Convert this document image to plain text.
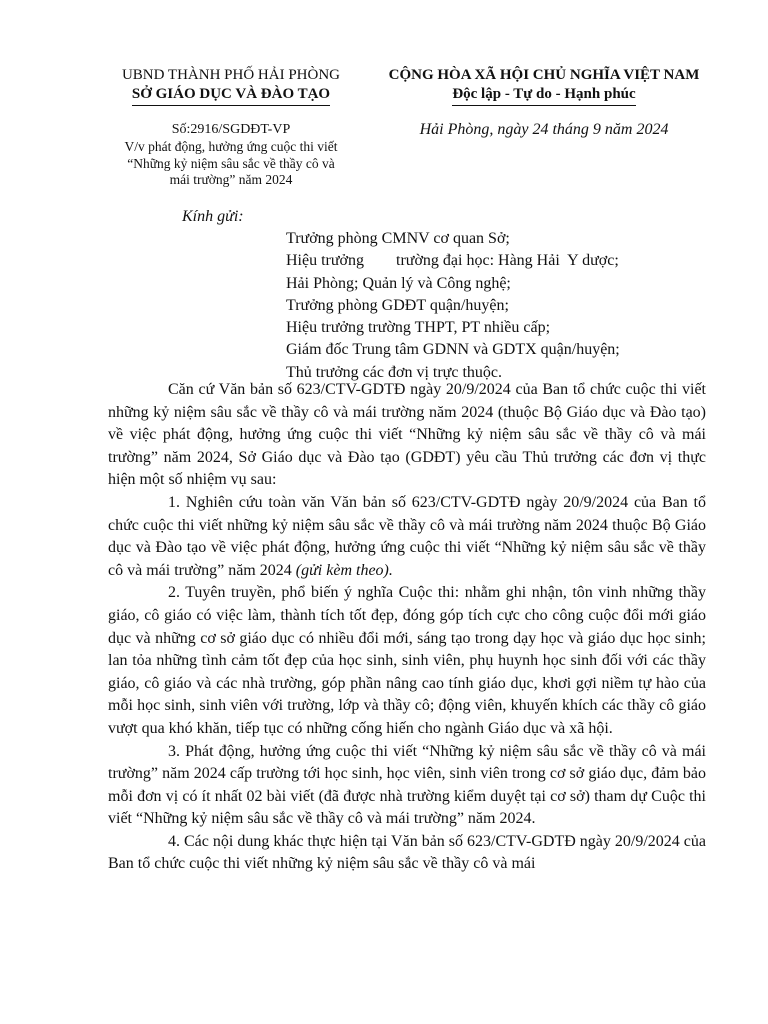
UBND THÀNH PHỐ HẢI PHÒNG
SỞ GIÁO DỤC VÀ ĐÀO TẠO
CỘNG HÒA XÃ HỘI CHỦ NGHĨA VIỆT NAM
Độc lập - Tự do - Hạnh phúc
Số:2916/SGDĐT-VP
V/v phát động, hưởng ứng cuộc thi viết
“Những kỷ niệm sâu sắc về thầy cô và
mái trường” năm 2024
Hải Phòng, ngày 24 tháng 9 năm 2024
Kính gửi:
Trưởng phòng CMNV cơ quan Sở;
Hiệu trưởng        trường đại học: Hàng Hải  Y dược;
Hải Phòng; Quản lý và Công nghệ;
Trưởng phòng GDĐT quận/huyện;
Hiệu trưởng trường THPT, PT nhiều cấp;
Giám đốc Trung tâm GDNN và GDTX quận/huyện;
Thủ trưởng các đơn vị trực thuộc.

Căn cứ Văn bản số 623/CTV-GDTĐ ngày 20/9/2024 của Ban tổ chức cuộc thi viết những kỷ niệm sâu sắc về thầy cô và mái trường năm 2024 (thuộc Bộ Giáo dục và Đào tạo) về việc phát động, hưởng ứng cuộc thi viết “Những kỷ niệm sâu sắc về thầy cô và mái trường” năm 2024, Sở Giáo dục và Đào tạo (GDĐT) yêu cầu Thủ trưởng các đơn vị thực hiện một số nhiệm vụ sau:

1. Nghiên cứu toàn văn Văn bản số 623/CTV-GDTĐ ngày 20/9/2024 của Ban tổ chức cuộc thi viết những kỷ niệm sâu sắc về thầy cô và mái trường năm 2024 thuộc Bộ Giáo dục và Đào tạo về việc phát động, hưởng ứng cuộc thi viết “Những kỷ niệm sâu sắc về thầy cô và mái trường” năm 2024 (gửi kèm theo).

2. Tuyên truyền, phổ biến ý nghĩa Cuộc thi: nhằm ghi nhận, tôn vinh những thầy giáo, cô giáo có việc làm, thành tích tốt đẹp, đóng góp tích cực cho công cuộc đổi mới giáo dục và những cơ sở giáo dục có nhiều đổi mới, sáng tạo trong dạy học và giáo dục học sinh; lan tỏa những tình cảm tốt đẹp của học sinh, sinh viên, phụ huynh học sinh đối với các thầy giáo, cô giáo và các nhà trường, góp phần nâng cao tính giáo dục, khơi gợi niềm tự hào của mỗi học sinh, sinh viên với trường, lớp và thầy cô; động viên, khuyến khích các thầy cô giáo vượt qua khó khăn, tiếp tục có những cống hiến cho ngành Giáo dục và xã hội.

3. Phát động, hưởng ứng cuộc thi viết “Những kỷ niệm sâu sắc về thầy cô và mái trường” năm 2024 cấp trường tới học sinh, học viên, sinh viên trong cơ sở giáo dục, đảm bảo mỗi đơn vị có ít nhất 02 bài viết (đã được nhà trường kiểm duyệt tại cơ sở) tham dự Cuộc thi viết “Những kỷ niệm sâu sắc về thầy cô và mái trường” năm 2024.

4. Các nội dung khác thực hiện tại Văn bản số 623/CTV-GDTĐ ngày 20/9/2024 của Ban tổ chức cuộc thi viết những kỷ niệm sâu sắc về thầy cô và mái
